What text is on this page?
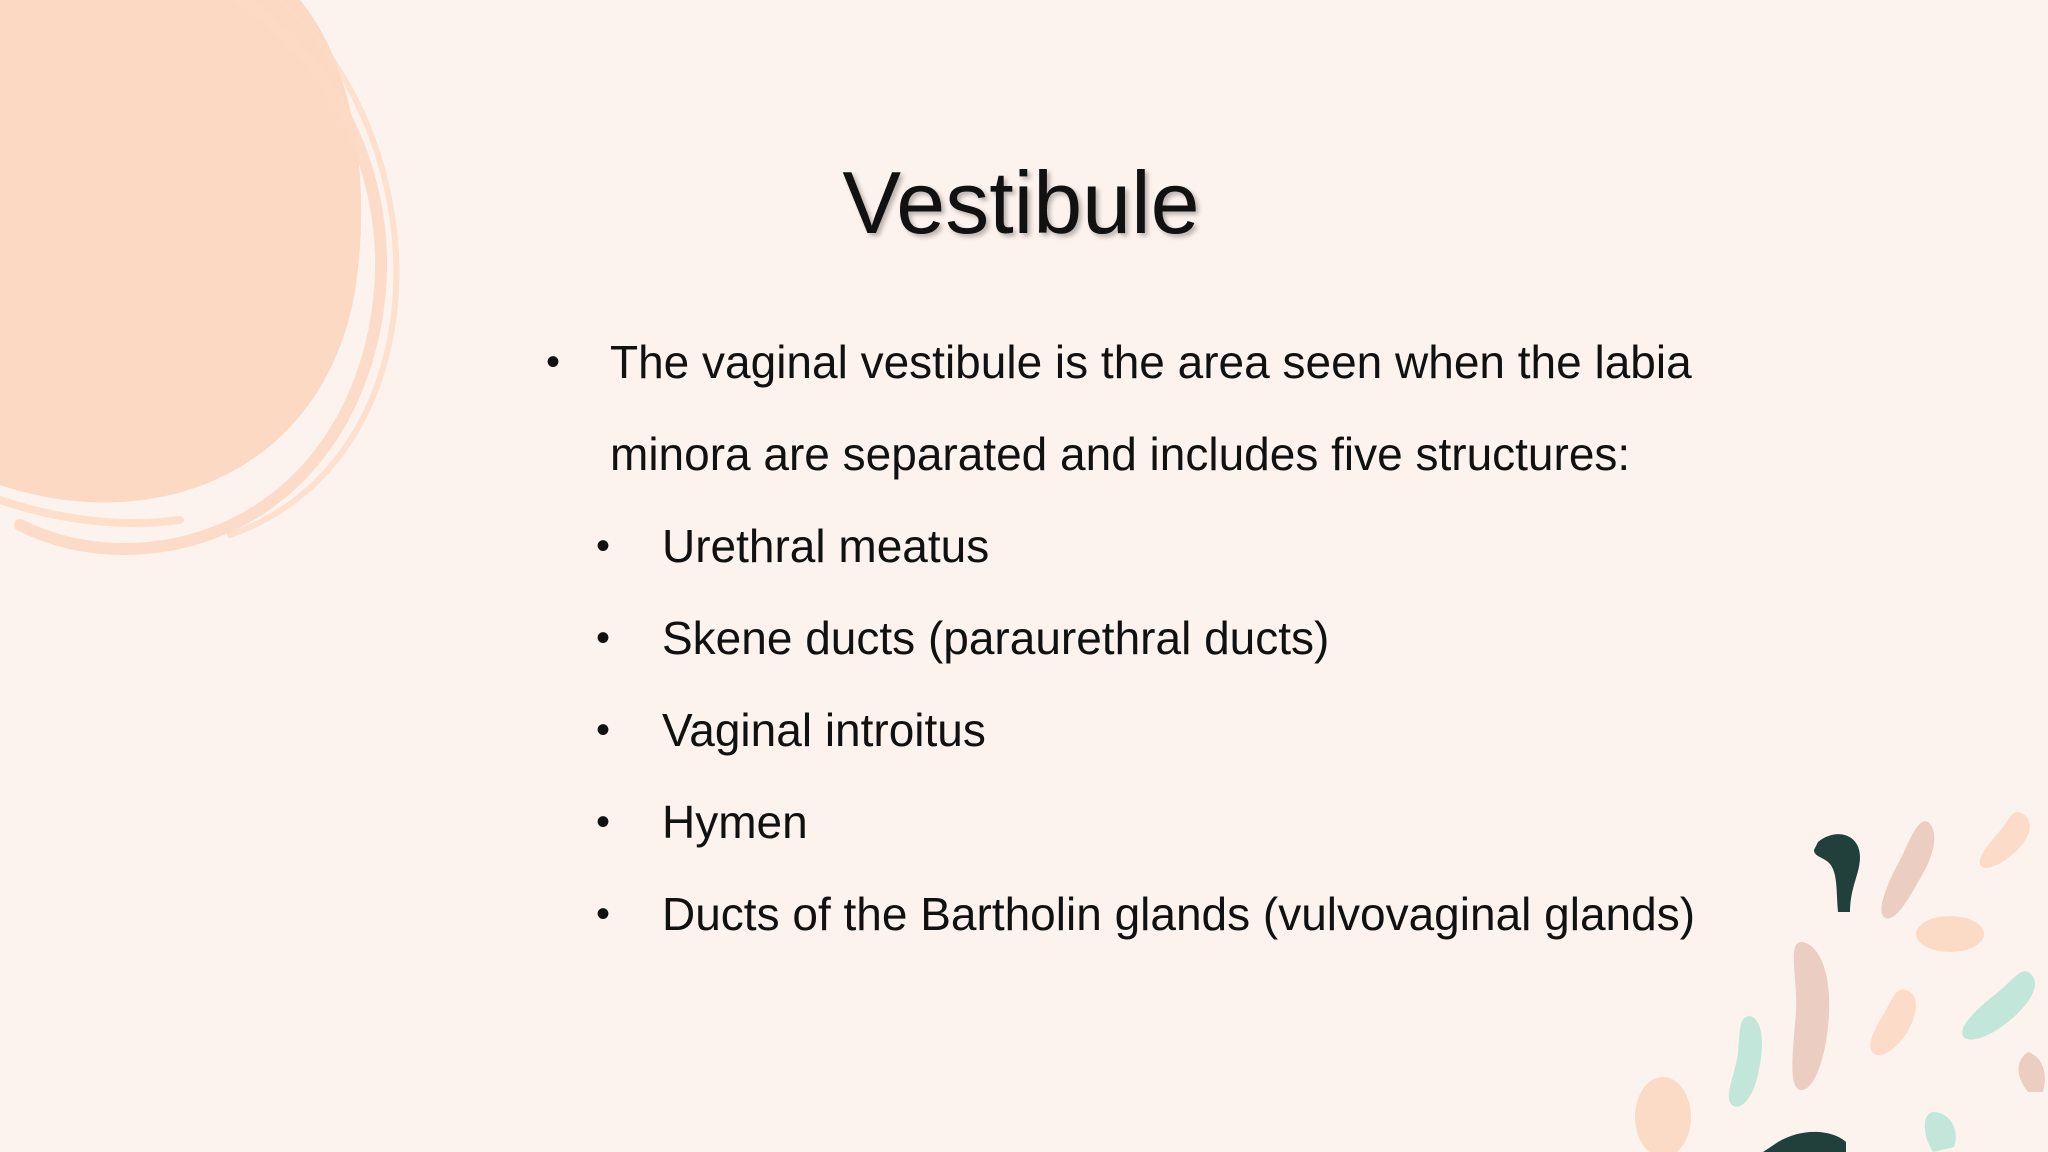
Vestibule
• The vaginal vestibule is the area seen when the labia minora are separated and includes five structures:
• Urethral meatus
• Skene ducts (paraurethral ducts)
• Vaginal introitus
• Hymen
• Ducts of the Bartholin glands (vulvovaginal glands)
